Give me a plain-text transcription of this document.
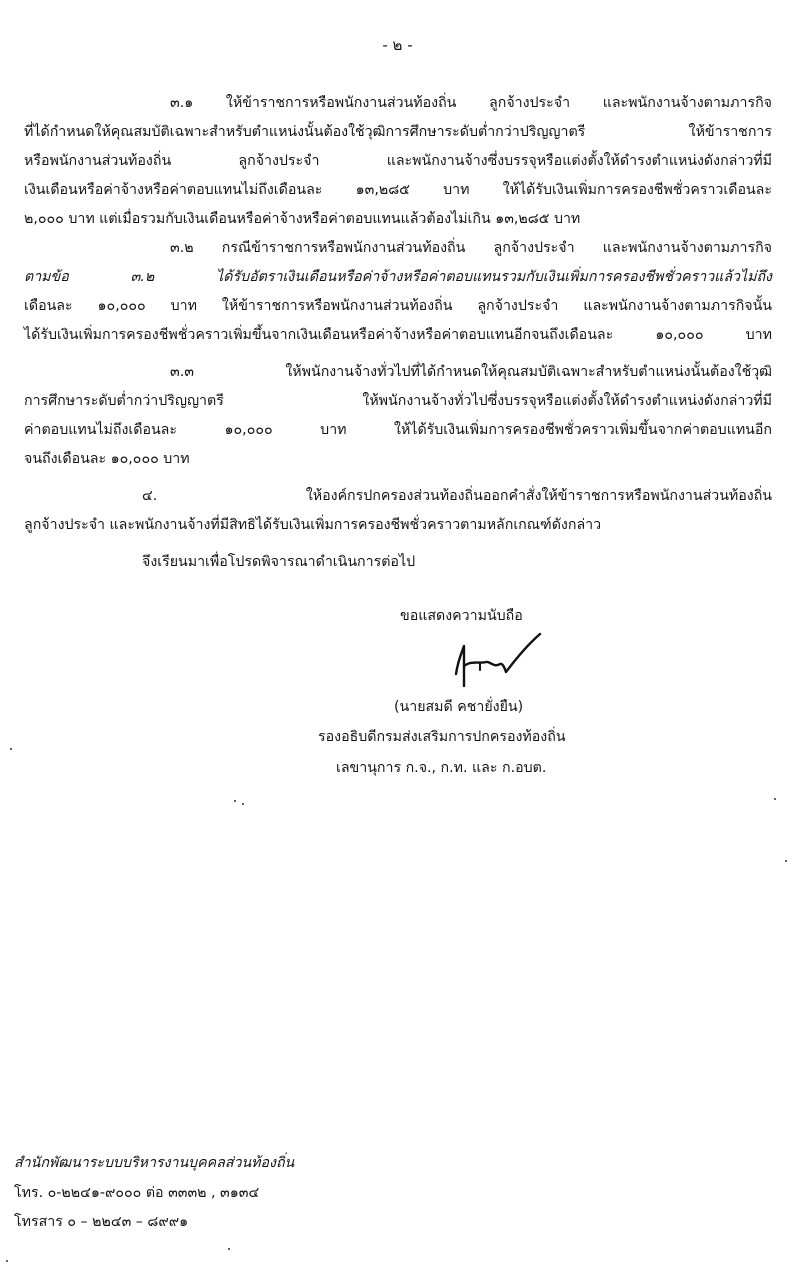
- ๒ -
๓.๑ ให้ข้าราชการหรือพนักงานส่วนท้องถิ่น ลูกจ้างประจำ และพนักงานจ้างตามภารกิจ
ที่ได้กำหนดให้คุณสมบัติเฉพาะสำหรับตำแหน่งนั้นต้องใช้วุฒิการศึกษาระดับต่ำกว่าปริญญาตรี ให้ข้าราชการ
หรือพนักงานส่วนท้องถิ่น ลูกจ้างประจำ และพนักงานจ้างซึ่งบรรจุหรือแต่งตั้งให้ดำรงตำแหน่งดังกล่าวที่มี
เงินเดือนหรือค่าจ้างหรือค่าตอบแทนไม่ถึงเดือนละ ๑๓,๒๘๕ บาท ให้ได้รับเงินเพิ่มการครองชีพชั่วคราวเดือนละ
๒,๐๐๐ บาท แต่เมื่อรวมกับเงินเดือนหรือค่าจ้างหรือค่าตอบแทนแล้วต้องไม่เกิน ๑๓,๒๘๕ บาท
๓.๒ กรณีข้าราชการหรือพนักงานส่วนท้องถิ่น ลูกจ้างประจำ และพนักงานจ้างตามภารกิจ
ตามข้อ ๓.๒ ได้รับอัตราเงินเดือนหรือค่าจ้างหรือค่าตอบแทนรวมกับเงินเพิ่มการครองชีพชั่วคราวแล้วไม่ถึง
เดือนละ ๑๐,๐๐๐ บาท ให้ข้าราชการหรือพนักงานส่วนท้องถิ่น ลูกจ้างประจำ และพนักงานจ้างตามภารกิจนั้น
ได้รับเงินเพิ่มการครองชีพชั่วคราวเพิ่มขึ้นจากเงินเดือนหรือค่าจ้างหรือค่าตอบแทนอีกจนถึงเดือนละ ๑๐,๐๐๐ บาท
๓.๓ ให้พนักงานจ้างทั่วไปที่ได้กำหนดให้คุณสมบัติเฉพาะสำหรับตำแหน่งนั้นต้องใช้วุฒิ
การศึกษาระดับต่ำกว่าปริญญาตรี ให้พนักงานจ้างทั่วไปซึ่งบรรจุหรือแต่งตั้งให้ดำรงตำแหน่งดังกล่าวที่มี
ค่าตอบแทนไม่ถึงเดือนละ ๑๐,๐๐๐ บาท ให้ได้รับเงินเพิ่มการครองชีพชั่วคราวเพิ่มขึ้นจากค่าตอบแทนอีก
จนถึงเดือนละ ๑๐,๐๐๐ บาท
๔. ให้องค์กรปกครองส่วนท้องถิ่นออกคำสั่งให้ข้าราชการหรือพนักงานส่วนท้องถิ่น
ลูกจ้างประจำ และพนักงานจ้างที่มีสิทธิได้รับเงินเพิ่มการครองชีพชั่วคราวตามหลักเกณฑ์ดังกล่าว
จึงเรียนมาเพื่อโปรดพิจารณาดำเนินการต่อไป
ขอแสดงความนับถือ
(นายสมดี คชายั่งยืน)
รองอธิบดีกรมส่งเสริมการปกครองท้องถิ่น
เลขานุการ ก.จ., ก.ท. และ ก.อบต.
สำนักพัฒนาระบบบริหารงานบุคคลส่วนท้องถิ่น
โทร. ๐-๒๒๔๑-๙๐๐๐ ต่อ ๓๓๓๒ , ๓๑๓๔
โทรสาร ๐ – ๒๒๔๓ – ๘๙๙๑
